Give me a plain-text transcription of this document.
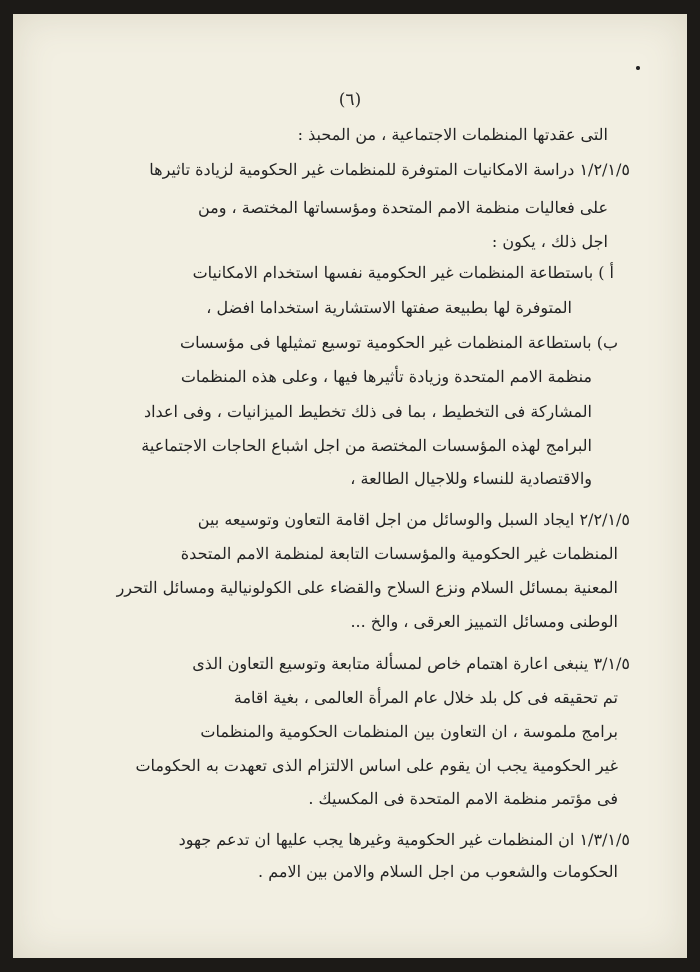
(٦)
التى عقدتها المنظمات الاجتماعية ، من المحبذ :
١/٢/١/٥ دراسة الامكانيات المتوفرة للمنظمات غير الحكومية لزيادة تاثيرها
على فعاليات منظمة الامم المتحدة ومؤسساتها المختصة ، ومن
اجل ذلك ، يكون :
أ ) باستطاعة المنظمات غير الحكومية نفسها استخدام الامكانيات
المتوفرة لها بطبيعة صفتها الاستشارية استخداما افضل ،
ب) باستطاعة المنظمات غير الحكومية توسيع تمثيلها فى مؤسسات
منظمة الامم المتحدة وزيادة تأثيرها فيها ، وعلى هذه المنظمات
المشاركة فى التخطيط ، بما فى ذلك تخطيط الميزانيات ، وفى اعداد
البرامج لهذه المؤسسات المختصة من اجل اشباع الحاجات الاجتماعية
والاقتصادية للنساء وللاجيال الطالعة ،
٢/٢/١/٥ ايجاد السبل والوسائل من اجل اقامة التعاون وتوسيعه بين
المنظمات غير الحكومية والمؤسسات التابعة لمنظمة الامم المتحدة
المعنية بمسائل السلام ونزع السلاح والقضاء على الكولونيالية ومسائل التحرر
الوطنى ومسائل التمييز العرقى ، والخ ...
٣/١/٥ ينبغى اعارة اهتمام خاص لمسألة متابعة وتوسيع التعاون الذى
تم تحقيقه فى كل بلد خلال عام المرأة العالمى ، بغية اقامة
برامج ملموسة ، ان التعاون بين المنظمات الحكومية والمنظمات
غير الحكومية يجب ان يقوم على اساس الالتزام الذى تعهدت به الحكومات
فى مؤتمر منظمة الامم المتحدة فى المكسيك .
١/٣/١/٥ ان المنظمات غير الحكومية وغيرها يجب عليها ان تدعم جهود
الحكومات والشعوب من اجل السلام والامن بين الامم .
